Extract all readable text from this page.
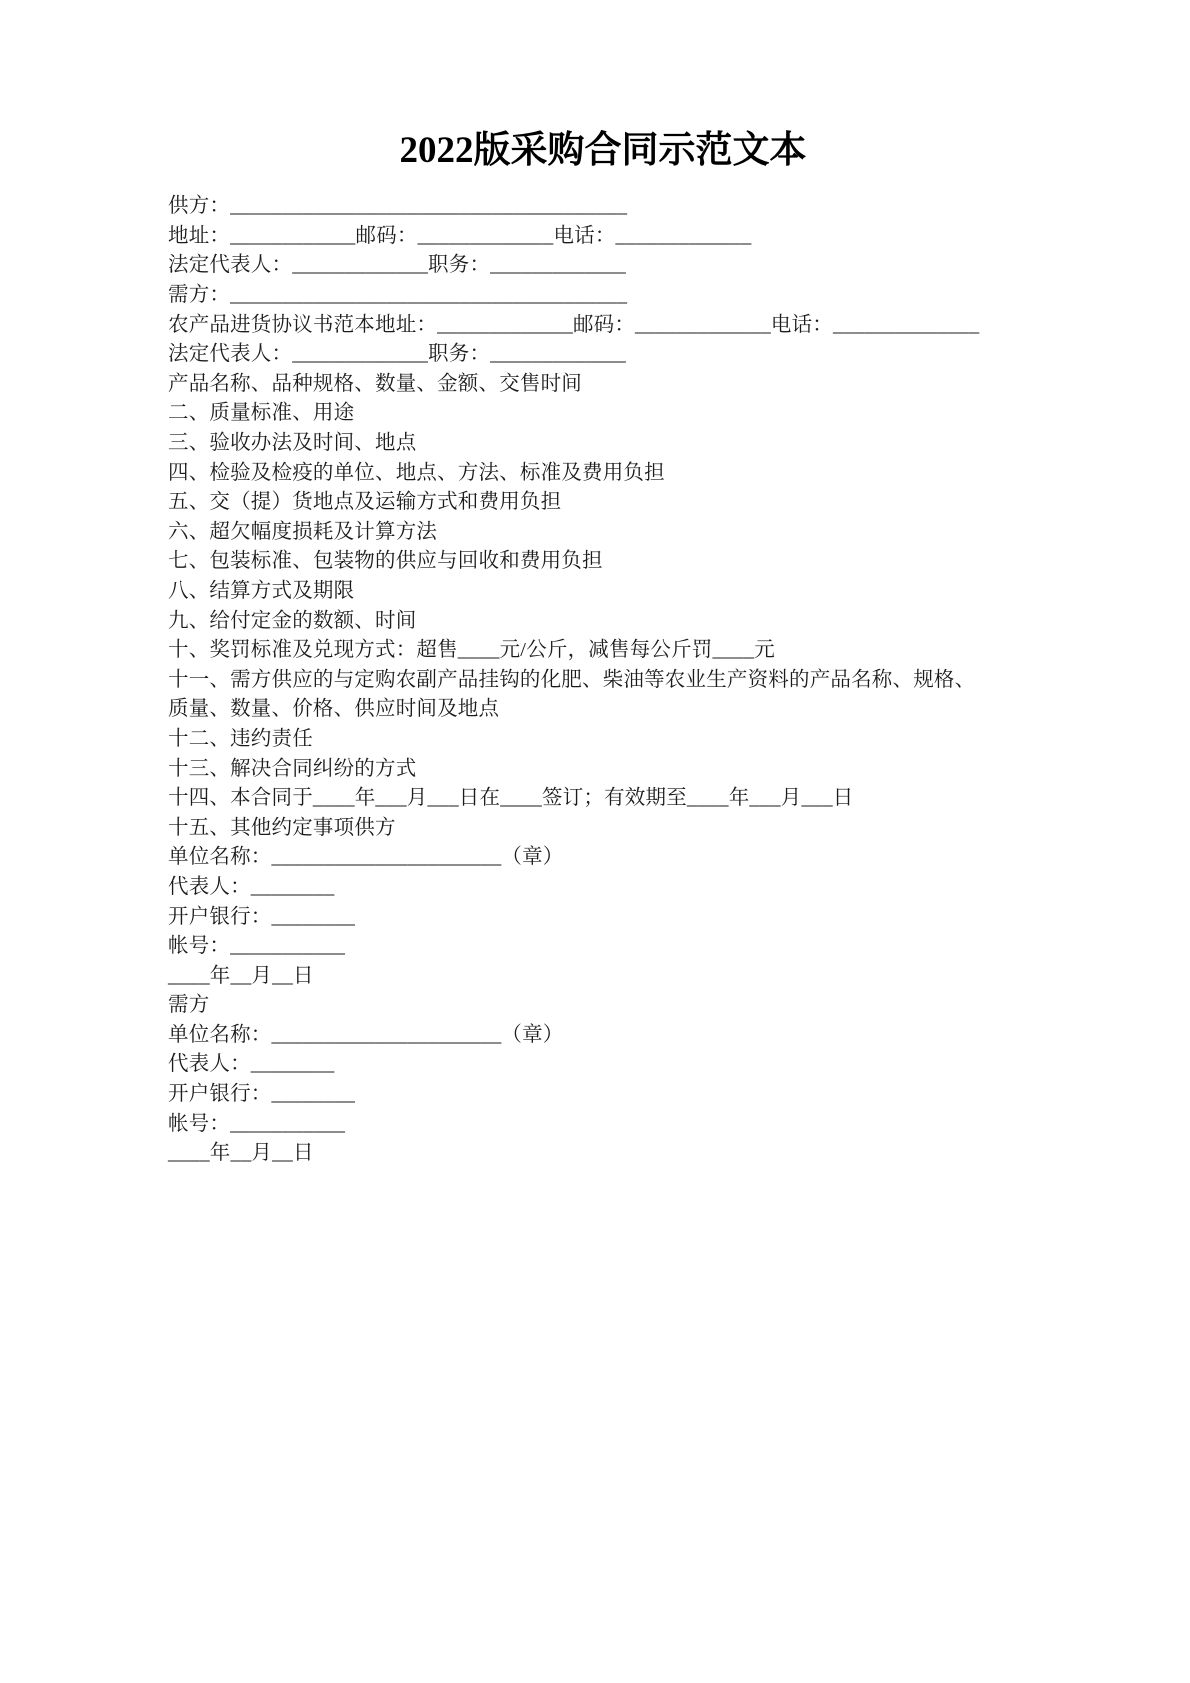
2022版采购合同示范文本

供方：______________________________________

地址：____________邮码：_____________电话：_____________

法定代表人：_____________职务：_____________

需方：______________________________________

农产品进货协议书范本地址：_____________邮码：_____________电话：______________

法定代表人：_____________职务：_____________

产品名称、品种规格、数量、金额、交售时间

二、质量标准、用途

三、验收办法及时间、地点

四、检验及检疫的单位、地点、方法、标准及费用负担

五、交（提）货地点及运输方式和费用负担

六、超欠幅度损耗及计算方法

七、包装标准、包装物的供应与回收和费用负担

八、结算方式及期限

九、给付定金的数额、时间

十、奖罚标准及兑现方式：超售____元/公斤，减售每公斤罚____元

十一、需方供应的与定购农副产品挂钩的化肥、柴油等农业生产资料的产品名称、规格、

质量、数量、价格、供应时间及地点

十二、违约责任

十三、解决合同纠纷的方式

十四、本合同于____年___月___日在____签订；有效期至____年___月___日

十五、其他约定事项供方

单位名称：______________________（章）

代表人：________

开户银行：________

帐号：___________

____年__月__日

需方

单位名称：______________________（章）

代表人：________

开户银行：________

帐号：___________

____年__月__日
